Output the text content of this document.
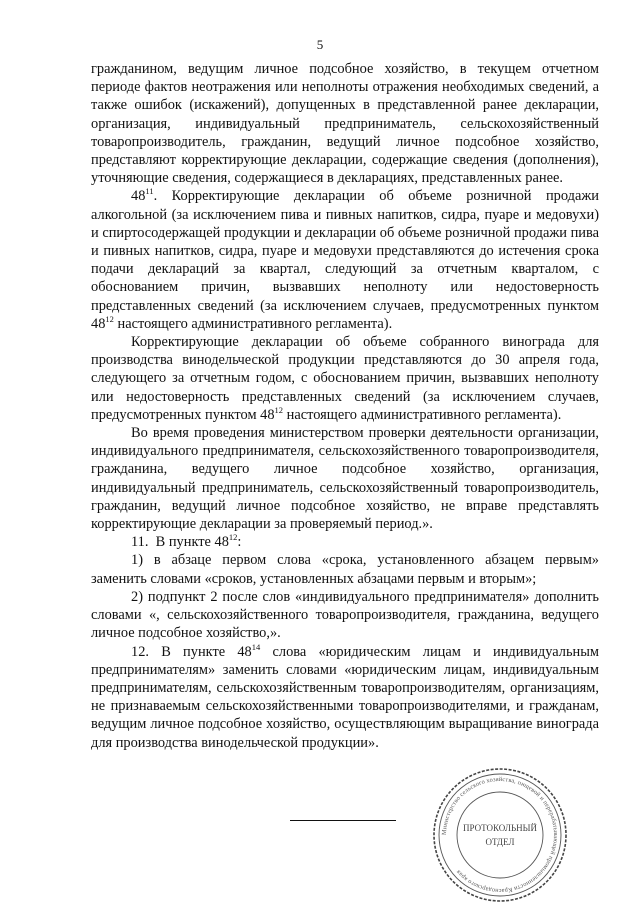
5

гражданином, ведущим личное подсобное хозяйство, в текущем отчетном периоде фактов неотражения или неполноты отражения необходимых сведений, а также ошибок (искажений), допущенных в представленной ранее декларации, организация, индивидуальный предприниматель, сельскохозяйственный товаропроизводитель, гражданин, ведущий личное подсобное хозяйство, представляют корректирующие декларации, содержащие сведения (дополнения), уточняющие сведения, содержащиеся в декларациях, представленных ранее.

$48^{11}$. Корректирующие декларации об объеме розничной продажи алкогольной (за исключением пива и пивных напитков, сидра, пуаре и медовухи) и спиртосодержащей продукции и декларации об объеме розничной продажи пива и пивных напитков, сидра, пуаре и медовухи представляются до истечения срока подачи деклараций за квартал, следующий за отчетным кварталом, с обоснованием причин, вызвавших неполноту или недостоверность представленных сведений (за исключением случаев, предусмотренных пунктом $48^{12}$ настоящего административного регламента).

Корректирующие декларации об объеме собранного винограда для производства винодельческой продукции представляются до 30 апреля года, следующего за отчетным годом, с обоснованием причин, вызвавших неполноту или недостоверность представленных сведений (за исключением случаев, предусмотренных пунктом $48^{12}$ настоящего административного регламента).

Во время проведения министерством проверки деятельности организации, индивидуального предпринимателя, сельскохозяйственного товаропроизводителя, гражданина, ведущего личное подсобное хозяйство, организация, индивидуальный предприниматель, сельскохозяйственный товаропроизводитель, гражданин, ведущий личное подсобное хозяйство, не вправе представлять корректирующие декларации за проверяемый период.».

11.  В пункте $48^{12}$:

1) в абзаце первом слова «срока, установленного абзацем первым» заменить словами «сроков, установленных абзацами первым и вторым»;

2) подпункт 2 после слов «индивидуального предпринимателя» дополнить словами «, сельскохозяйственного товаропроизводителя, гражданина, ведущего личное подсобное хозяйство,».

12. В пункте $48^{14}$ слова «юридическим лицам и индивидуальным предпринимателям» заменить словами «юридическим лицам, индивидуальным предпринимателям, сельскохозяйственным товаропроизводителям, организациям, не признаваемым сельскохозяйственными товаропроизводителями, и гражданам, ведущим личное подсобное хозяйство, осуществляющим выращивание винограда для производства винодельческой продукции».

Министерство сельского хозяйства, пищевой и перерабатывающей промышленности Краснодарского края
ПРОТОКОЛЬНЫЙ
ОТДЕЛ
